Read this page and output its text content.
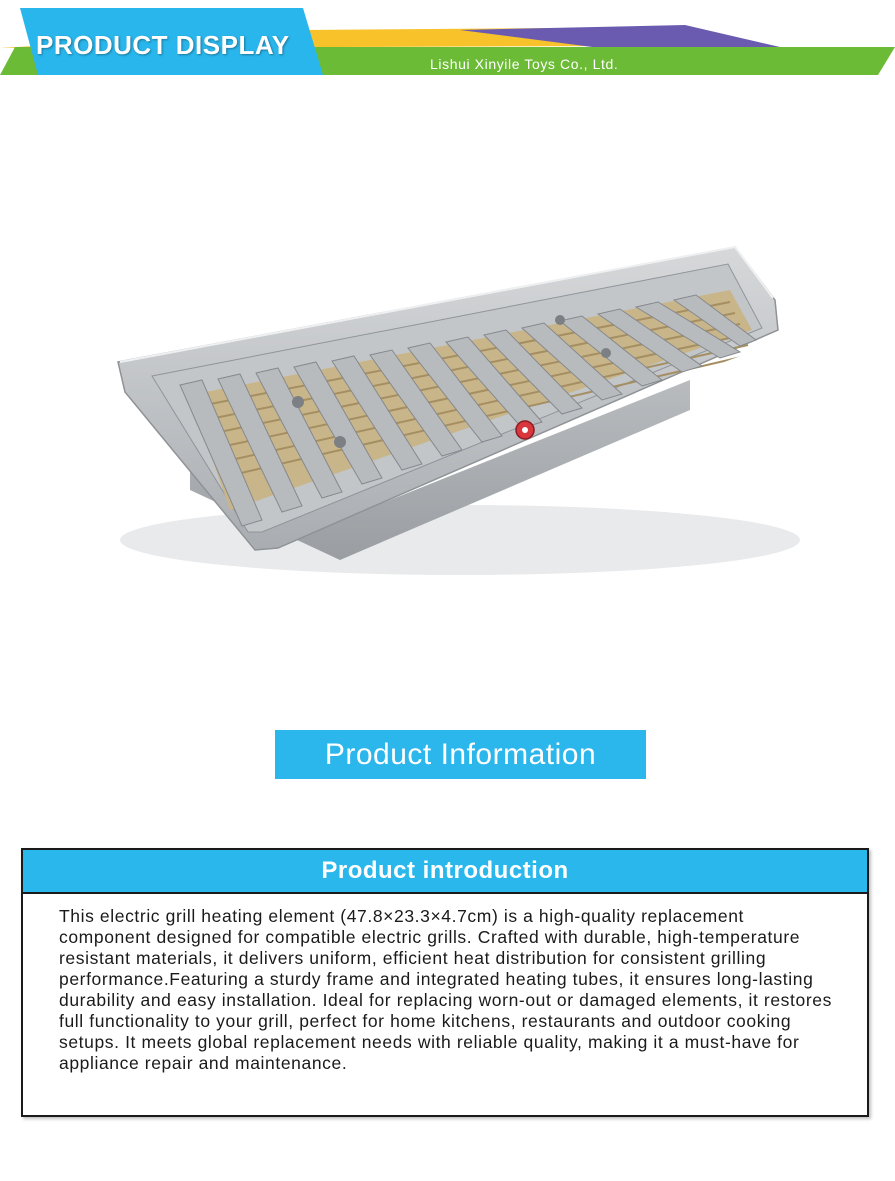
PRODUCT DISPLAY
Lishui Xinyile Toys Co., Ltd.
Product Information
Product introduction
This electric grill heating element (47.8×23.3×4.7cm) is a high-quality replacement component designed for compatible electric grills. Crafted with durable, high-temperature resistant materials, it delivers uniform, efficient heat distribution for consistent grilling performance.Featuring a sturdy frame and integrated heating tubes, it ensures long-lasting durability and easy installation. Ideal for replacing worn-out or damaged elements, it restores full functionality to your grill, perfect for home kitchens, restaurants and outdoor cooking setups. It meets global replacement needs with reliable quality, making it a must-have for appliance repair and maintenance.
